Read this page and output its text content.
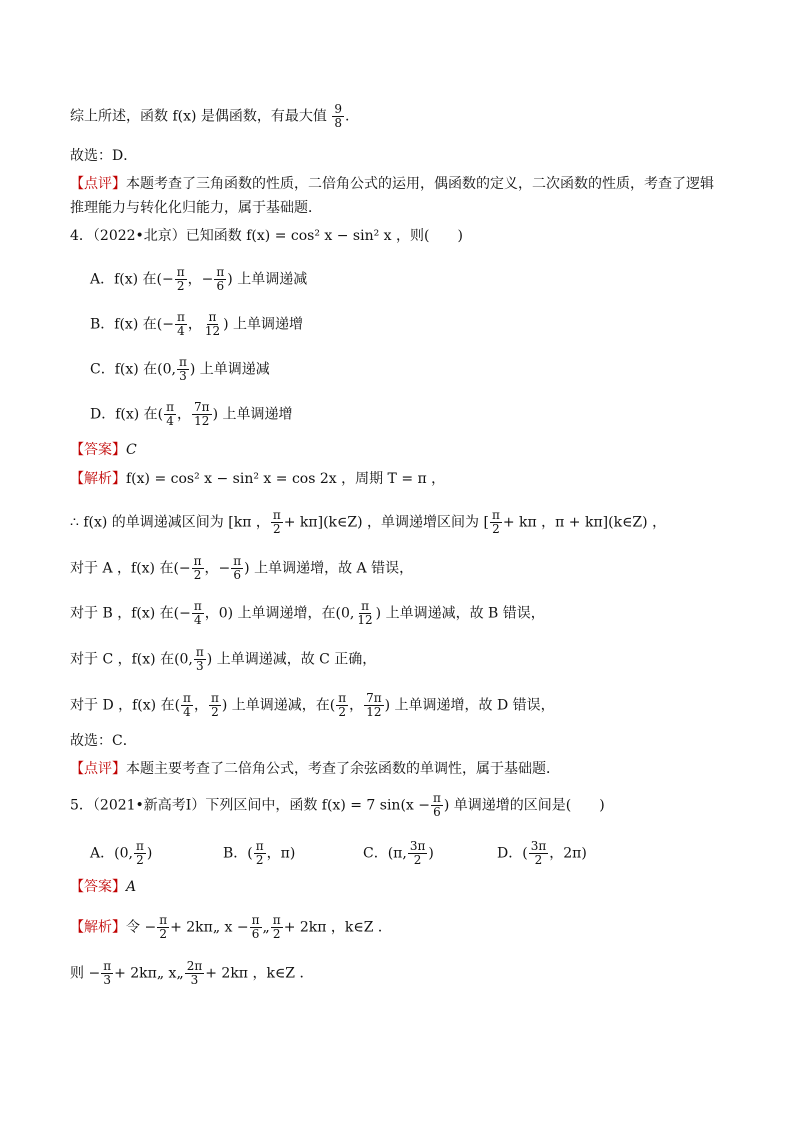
综上所述，函数 f(x) 是偶函数，有最大值 $\frac{9}{8}$ .
故选：D．
【点评】本题考查了三角函数的性质，二倍角公式的运用，偶函数的定义，二次函数的性质，考查了逻辑
推理能力与转化化归能力，属于基础题．
4．（2022•北京）已知函数 f(x) = cos² x − sin² x ，则(　　)
A．f(x) 在(− $\frac{\pi}{2}$ ，− $\frac{\pi}{6}$ ) 上单调递减
B．f(x) 在(− $\frac{\pi}{4}$ ， $\frac{\pi}{12}$ ) 上单调递增
C．f(x) 在(0, $\frac{\pi}{3}$ ) 上单调递减
D．f(x) 在( $\frac{\pi}{4}$ ， $\frac{7\pi}{12}$ ) 上单调递增
【答案】C
【解析】f(x) = cos² x − sin² x = cos 2x ，周期 T = π ，
∴ f(x) 的单调递减区间为 [kπ ， $\frac{\pi}{2}$ + kπ](k∈Z) ，单调递增区间为 [ $\frac{\pi}{2} + k\pi$ ，π + kπ](k∈Z) ，
对于 A ，f(x) 在(− $\frac{\pi}{2}$ ，− $\frac{\pi}{6}$ ) 上单调递增，故 A 错误，
对于 B ，f(x) 在(− $\frac{\pi}{4}$ ，0) 上单调递增，在(0, $\frac{\pi}{12}$ ) 上单调递减，故 B 错误，
对于 C ，f(x) 在(0, $\frac{\pi}{3}$ ) 上单调递减，故 C 正确，
对于 D ，f(x) 在( $\frac{\pi}{4}$ ， $\frac{\pi}{2}$ ) 上单调递减，在( $\frac{\pi}{2}$ ， $\frac{7\pi}{12}$ ) 上单调递增，故 D 错误，
故选：C．
【点评】本题主要考查了二倍角公式，考查了余弦函数的单调性，属于基础题．
5．（2021•新高考Ⅰ）下列区间中，函数 f(x) = 7 $\sin(x - \frac{\pi}{6}$ ) 单调递增的区间是(　　)
A．(0, $\frac{\pi}{2}$ )	B．( $\frac{\pi}{2}$ ，π)	C．(π, $\frac{3\pi}{2}$ )	D．( $\frac{3\pi}{2}$ ，2π)
【答案】A
【解析】令 − $\frac{\pi}{2}$ + 2kπ„ $x - \frac{\pi}{6}$ „ $\frac{\pi}{2} + 2k\pi$ ，k∈Z ．
则 − $\frac{\pi}{3}$ + 2kπ„ x„ $\frac{2\pi}{3} + 2k\pi$ ，k∈Z ．
